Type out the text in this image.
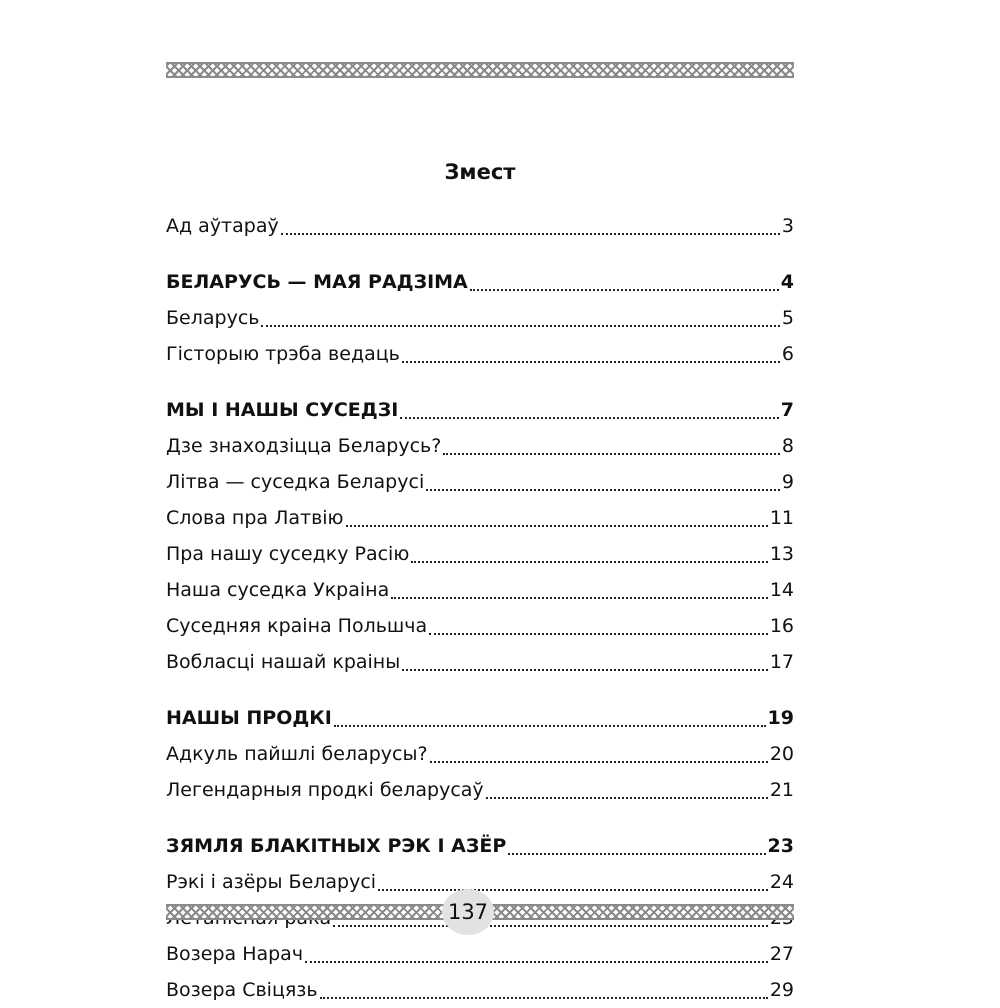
Змест
Ад аўтараў	3
БЕЛАРУСЬ — МАЯ РАДЗІМА	4
Беларусь	5
Гісторыю трэба ведаць	6
МЫ І НАШЫ СУСЕДЗІ	7
Дзе знаходзіцца Беларусь?	8
Літва — суседка Беларусі	9
Слова пра Латвію	11
Пра нашу суседку Расію	13
Наша суседка Украіна	14
Суседняя краіна Польшча	16
Вобласці нашай краіны	17
НАШЫ ПРОДКІ	19
Адкуль пайшлі беларусы?	20
Легендарныя продкі беларусаў	21
ЗЯМЛЯ БЛАКІТНЫХ РЭК І АЗЁР	23
Рэкі і азёры Беларусі	24
Возера Нарач	27
Возера Свіцязь	29
137
